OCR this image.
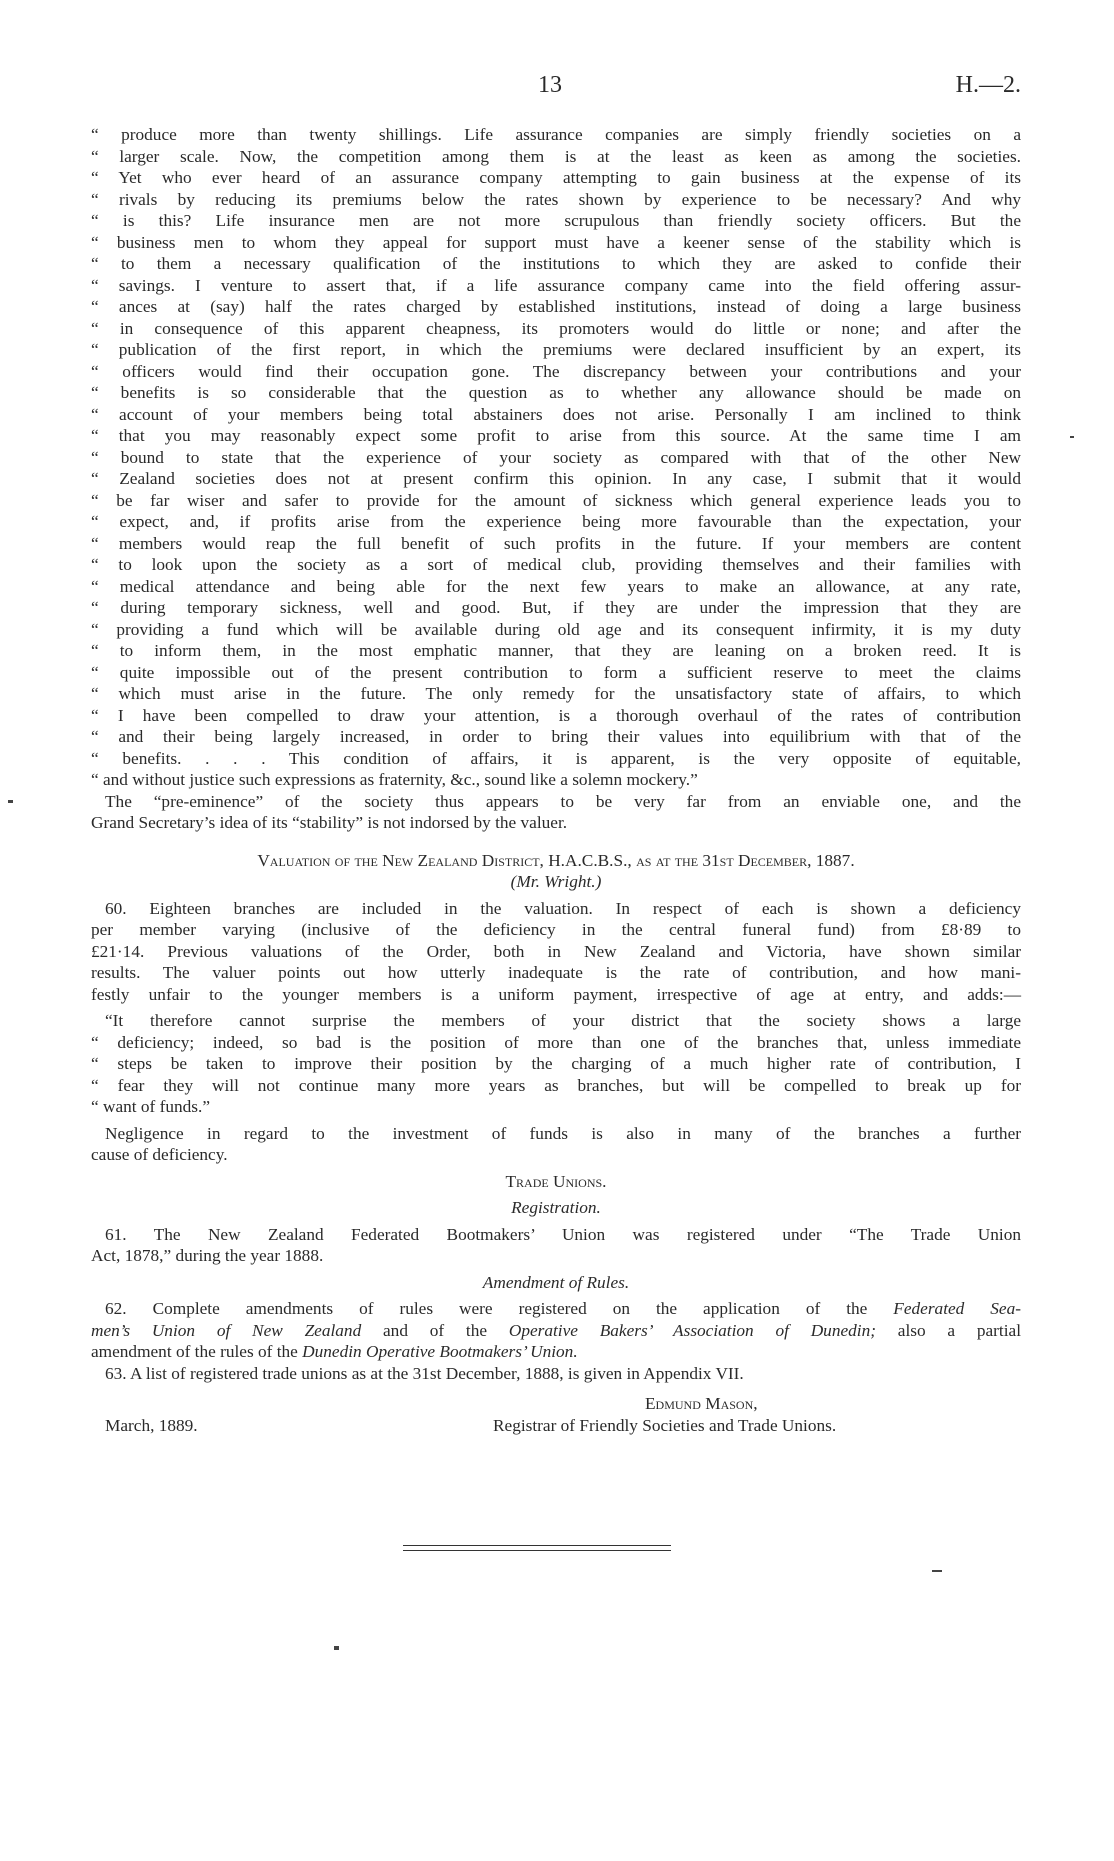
13	H.—2.

“ produce more than twenty shillings. Life assurance companies are simply friendly societies on a
“ larger scale. Now, the competition among them is at the least as keen as among the societies.
“ Yet who ever heard of an assurance company attempting to gain business at the expense of its
“ rivals by reducing its premiums below the rates shown by experience to be necessary? And why
“ is this? Life insurance men are not more scrupulous than friendly society officers. But the
“ business men to whom they appeal for support must have a keener sense of the stability which is
“ to them a necessary qualification of the institutions to which they are asked to confide their
“ savings. I venture to assert that, if a life assurance company came into the field offering assur-
“ ances at (say) half the rates charged by established institutions, instead of doing a large business
“ in consequence of this apparent cheapness, its promoters would do little or none; and after the
“ publication of the first report, in which the premiums were declared insufficient by an expert, its
“ officers would find their occupation gone. The discrepancy between your contributions and your
“ benefits is so considerable that the question as to whether any allowance should be made on
“ account of your members being total abstainers does not arise. Personally I am inclined to think
“ that you may reasonably expect some profit to arise from this source. At the same time I am
“ bound to state that the experience of your society as compared with that of the other New
“ Zealand societies does not at present confirm this opinion. In any case, I submit that it would
“ be far wiser and safer to provide for the amount of sickness which general experience leads you to
“ expect, and, if profits arise from the experience being more favourable than the expectation, your
“ members would reap the full benefit of such profits in the future. If your members are content
“ to look upon the society as a sort of medical club, providing themselves and their families with
“ medical attendance and being able for the next few years to make an allowance, at any rate,
“ during temporary sickness, well and good. But, if they are under the impression that they are
“ providing a fund which will be available during old age and its consequent infirmity, it is my duty
“ to inform them, in the most emphatic manner, that they are leaning on a broken reed. It is
“ quite impossible out of the present contribution to form a sufficient reserve to meet the claims
“ which must arise in the future. The only remedy for the unsatisfactory state of affairs, to which
“ I have been compelled to draw your attention, is a thorough overhaul of the rates of contribution
“ and their being largely increased, in order to bring their values into equilibrium with that of the
“ benefits. . . . This condition of affairs, it is apparent, is the very opposite of equitable,
“ and without justice such expressions as fraternity, &c., sound like a solemn mockery.”

The “pre-eminence” of the society thus appears to be very far from an enviable one, and the
Grand Secretary’s idea of its “stability” is not indorsed by the valuer.

Valuation of the New Zealand District, H.A.C.B.S., as at the 31st December, 1887.
(Mr. Wright.)

60. Eighteen branches are included in the valuation. In respect of each is shown a deficiency
per member varying (inclusive of the deficiency in the central funeral fund) from £8·89 to
£21·14. Previous valuations of the Order, both in New Zealand and Victoria, have shown similar
results. The valuer points out how utterly inadequate is the rate of contribution, and how mani-
festly unfair to the younger members is a uniform payment, irrespective of age at entry, and adds:—

“It therefore cannot surprise the members of your district that the society shows a large
“ deficiency; indeed, so bad is the position of more than one of the branches that, unless immediate
“ steps be taken to improve their position by the charging of a much higher rate of contribution, I
“ fear they will not continue many more years as branches, but will be compelled to break up for
“ want of funds.”

Negligence in regard to the investment of funds is also in many of the branches a further
cause of deficiency.

Trade Unions.
Registration.

61. The New Zealand Federated Bootmakers’ Union was registered under “The Trade Union
Act, 1878,” during the year 1888.

Amendment of Rules.

62. Complete amendments of rules were registered on the application of the Federated Sea-
men’s Union of New Zealand and of the Operative Bakers’ Association of Dunedin; also a partial
amendment of the rules of the Dunedin Operative Bootmakers’ Union.

63. A list of registered trade unions as at the 31st December, 1888, is given in Appendix VII.

Edmund Mason,
March, 1889.	Registrar of Friendly Societies and Trade Unions.
